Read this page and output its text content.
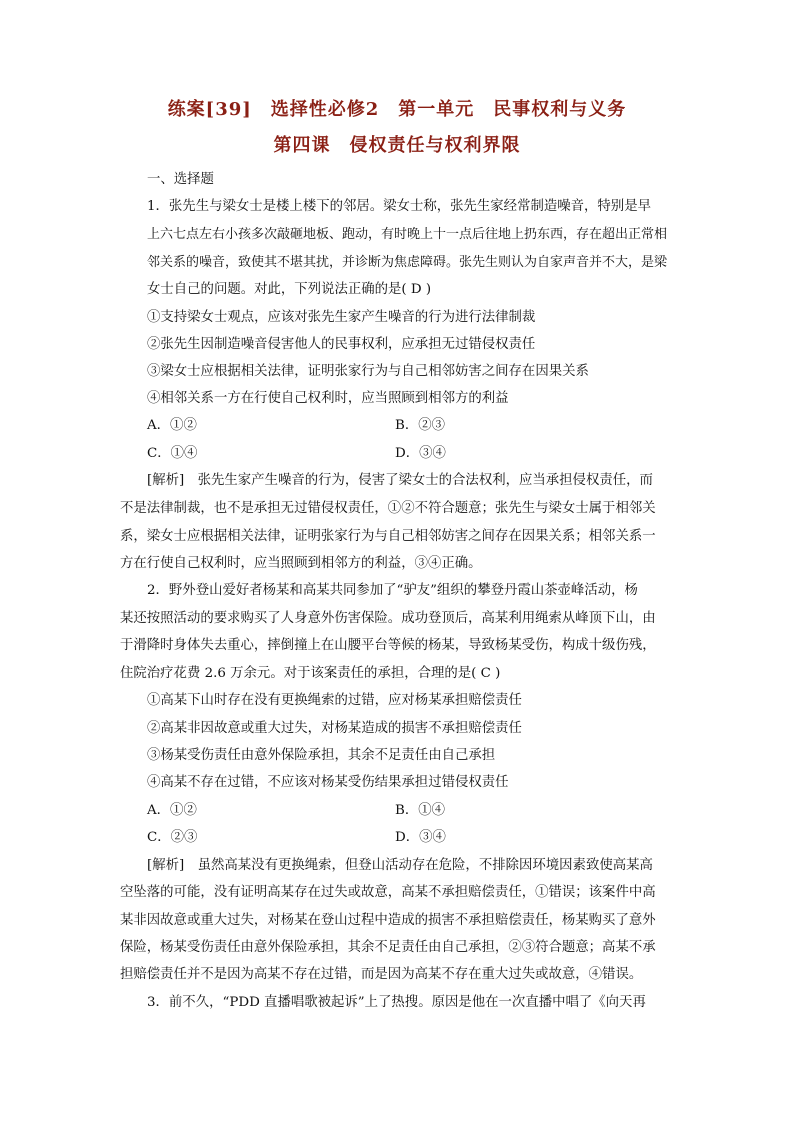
练案[39]　选择性必修2　第一单元　民事权利与义务
第四课　侵权责任与权利界限
一、选择题
1．张先生与梁女士是楼上楼下的邻居。梁女士称，张先生家经常制造噪音，特别是早
上六七点左右小孩多次敲砸地板、跑动，有时晚上十一点后往地上扔东西，存在超出正常相
邻关系的噪音，致使其不堪其扰，并诊断为焦虑障碍。张先生则认为自家声音并不大，是梁
女士自己的问题。对此，下列说法正确的是( D )
①支持梁女士观点，应该对张先生家产生噪音的行为进行法律制裁
②张先生因制造噪音侵害他人的民事权利，应承担无过错侵权责任
③梁女士应根据相关法律，证明张家行为与自己相邻妨害之间存在因果关系
④相邻关系一方在行使自己权利时，应当照顾到相邻方的利益
A．①②	B．②③
C．①④	D．③④
[解析]　张先生家产生噪音的行为，侵害了梁女士的合法权利，应当承担侵权责任，而
不是法律制裁，也不是承担无过错侵权责任，①②不符合题意；张先生与梁女士属于相邻关
系，梁女士应根据相关法律，证明张家行为与自己相邻妨害之间存在因果关系；相邻关系一
方在行使自己权利时，应当照顾到相邻方的利益，③④正确。
2．野外登山爱好者杨某和高某共同参加了“驴友”组织的攀登丹霞山茶壶峰活动，杨
某还按照活动的要求购买了人身意外伤害保险。成功登顶后，高某利用绳索从峰顶下山，由
于滑降时身体失去重心，摔倒撞上在山腰平台等候的杨某，导致杨某受伤，构成十级伤残，
住院治疗花费 2.6 万余元。对于该案责任的承担，合理的是( C )
①高某下山时存在没有更换绳索的过错，应对杨某承担赔偿责任
②高某非因故意或重大过失，对杨某造成的损害不承担赔偿责任
③杨某受伤责任由意外保险承担，其余不足责任由自己承担
④高某不存在过错，不应该对杨某受伤结果承担过错侵权责任
A．①②	B．①④
C．②③	D．③④
[解析]　虽然高某没有更换绳索，但登山活动存在危险，不排除因环境因素致使高某高
空坠落的可能，没有证明高某存在过失或故意，高某不承担赔偿责任，①错误；该案件中高
某非因故意或重大过失，对杨某在登山过程中造成的损害不承担赔偿责任，杨某购买了意外
保险，杨某受伤责任由意外保险承担，其余不足责任由自己承担，②③符合题意；高某不承
担赔偿责任并不是因为高某不存在过错，而是因为高某不存在重大过失或故意，④错误。
3．前不久，“PDD 直播唱歌被起诉”上了热搜。原因是他在一次直播中唱了《向天再
